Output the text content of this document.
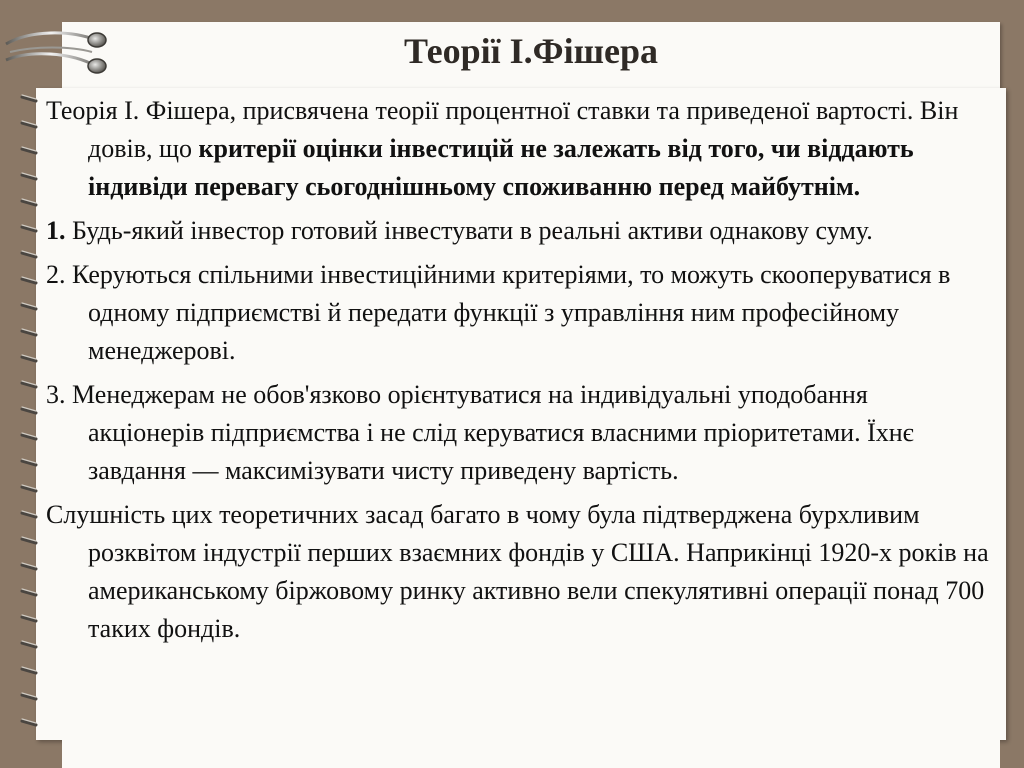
Теорії І.Фішера

Теорія І. Фішера, присвячена теорії процентної ставки та приведеної вартості. Він довів, що критерії оцінки інвестицій не залежать від того, чи віддають індивіди перевагу сьогоднішньому споживанню перед майбутнім.

1. Будь-який інвестор готовий інвестувати в реальні активи однакову суму.

2. Керуються спільними інвестиційними критеріями, то можуть скооперуватися в одному підприємстві й передати функції з управління ним професійному менеджерові.

3. Менеджерам не обов'язково орієнтуватися на індивідуальні уподобання акціонерів підприємства і не слід керуватися власними пріоритетами. Їхнє завдання — максимізувати чисту приведену вартість.

Слушність цих теоретичних засад багато в чому була підтверджена бурхливим розквітом індустрії перших взаємних фондів у США. Наприкінці 1920-х років на американському біржовому ринку активно вели спекулятивні операції понад 700 таких фондів.
